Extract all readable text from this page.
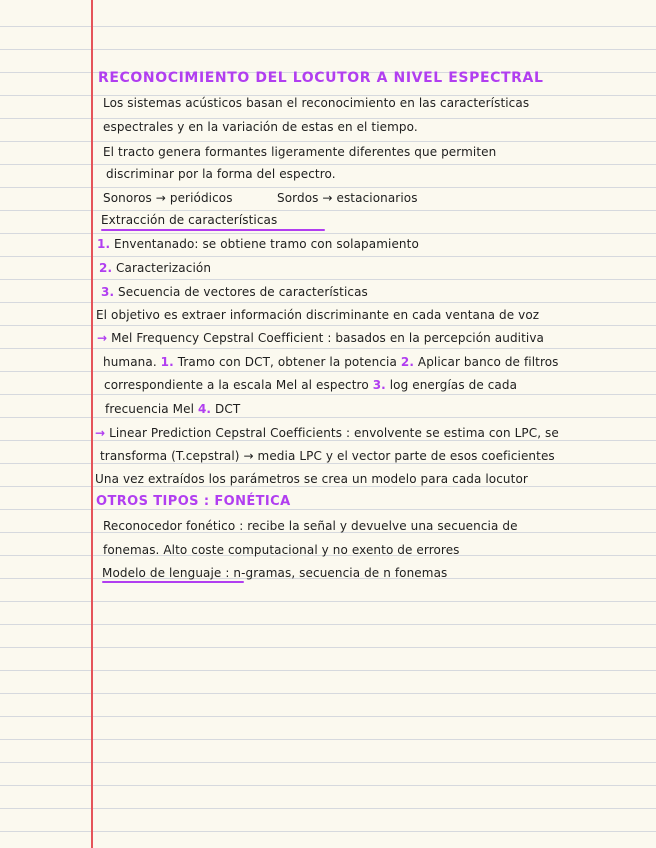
RECONOCIMIENTO DEL LOCUTOR A NIVEL ESPECTRAL
Los sistemas acústicos basan el reconocimiento en las características
espectrales y en la variación de estas en el tiempo.
El tracto genera formantes ligeramente diferentes que permiten
discriminar por la forma del espectro.
Sonoros → periódicos	Sordos → estacionarios
Extracción de características
1. Enventanado: se obtiene tramo con solapamiento
2. Caracterización
3. Secuencia de vectores de características
El objetivo es extraer información discriminante en cada ventana de voz
→ Mel Frequency Cepstral Coefficient : basados en la percepción auditiva
humana. 1. Tramo con DCT, obtener la potencia 2. Aplicar banco de filtros
correspondiente a la escala Mel al espectro 3. log energías de cada
frecuencia Mel 4. DCT
→ Linear Prediction Cepstral Coefficients : envolvente se estima con LPC, se
transforma (T.cepstral) → media LPC y el vector parte de esos coeficientes
Una vez extraídos los parámetros se crea un modelo para cada locutor
OTROS TIPOS : FONÉTICA
Reconocedor fonético : recibe la señal y devuelve una secuencia de
fonemas. Alto coste computacional y no exento de errores
Modelo de lenguaje : n-gramas, secuencia de n fonemas
